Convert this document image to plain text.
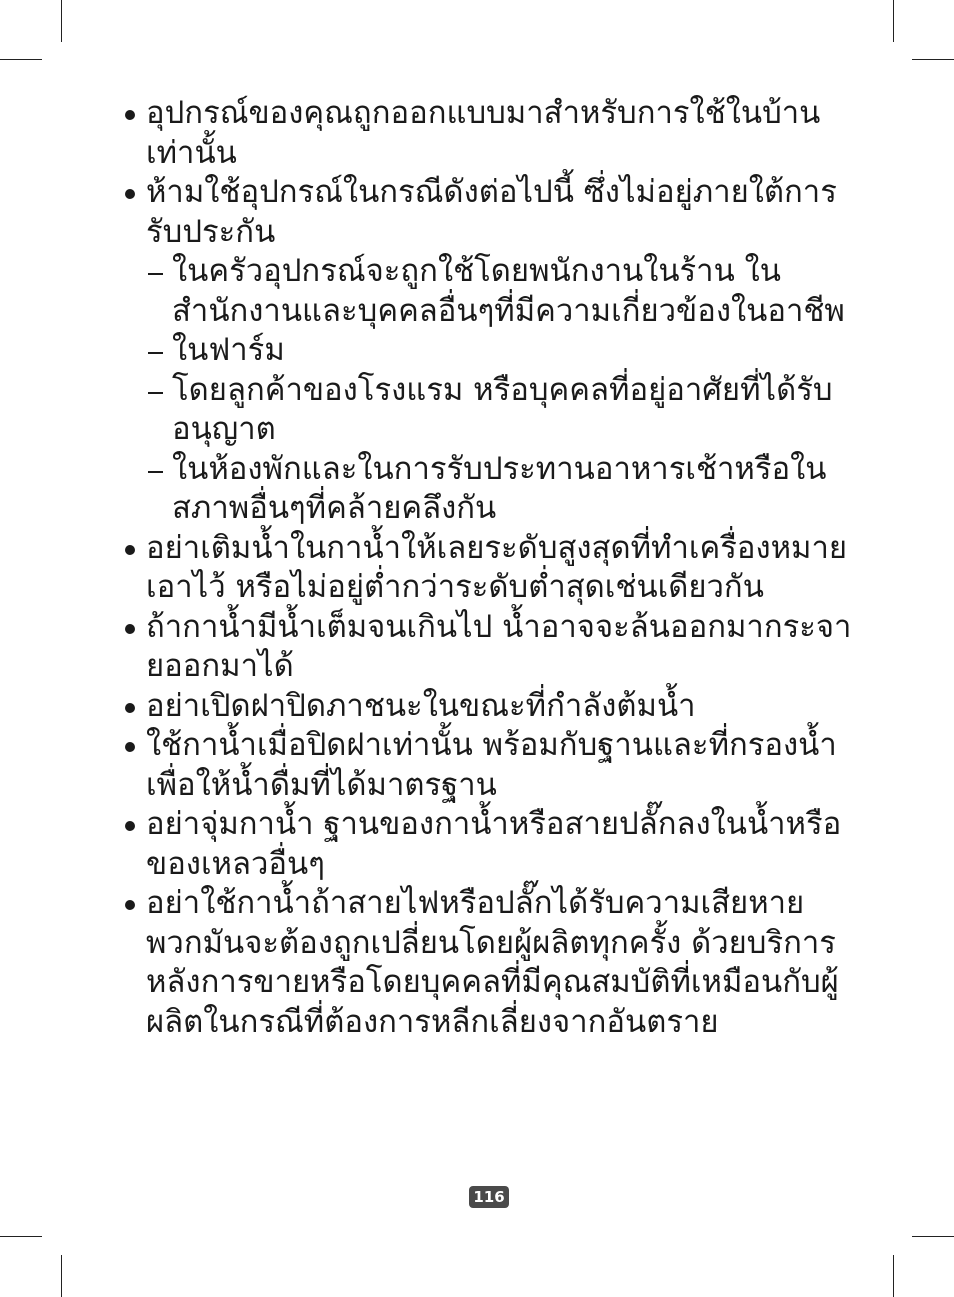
อุปกรณ์ของคุณถูกออกแบบมาสำหรับการใช้ในบ้านเท่านั้น
ห้ามใช้อุปกรณ์ในกรณีดังต่อไปนี้ ซึ่งไม่อยู่ภายใต้การรับประกัน
ในครัวอุปกรณ์จะถูกใช้โดยพนักงานในร้าน ในสำนักงานและบุคคลอื่นๆที่มีความเกี่ยวข้องในอาชีพ
ในฟาร์ม
โดยลูกค้าของโรงแรม หรือบุคคลที่อยู่อาศัยที่ได้รับอนุญาต
ในห้องพักและในการรับประทานอาหารเช้าหรือในสภาพอื่นๆที่คล้ายคลึงกัน
อย่าเติมน้ำในกาน้ำให้เลยระดับสูงสุดที่ทำเครื่องหมายเอาไว้ หรือไม่อยู่ต่ำกว่าระดับต่ำสุดเช่นเดียวกัน
ถ้ากาน้ำมีน้ำเต็มจนเกินไป น้ำอาจจะล้นออกมากระจายออกมาได้
อย่าเปิดฝาปิดภาชนะในขณะที่กำลังต้มน้ำ
ใช้กาน้ำเมื่อปิดฝาเท่านั้น พร้อมกับฐานและที่กรองน้ำเพื่อให้น้ำดื่มที่ได้มาตรฐาน
อย่าจุ่มกาน้ำ ฐานของกาน้ำหรือสายปลั๊กลงในน้ำหรือของเหลวอื่นๆ
อย่าใช้กาน้ำถ้าสายไฟหรือปลั๊กได้รับความเสียหาย พวกมันจะต้องถูกเปลี่ยนโดยผู้ผลิตทุกครั้ง ด้วยบริการหลังการขายหรือโดยบุคคลที่มีคุณสมบัติที่เหมือนกับผู้ผลิตในกรณีที่ต้องการหลีกเลี่ยงจากอันตราย
116
